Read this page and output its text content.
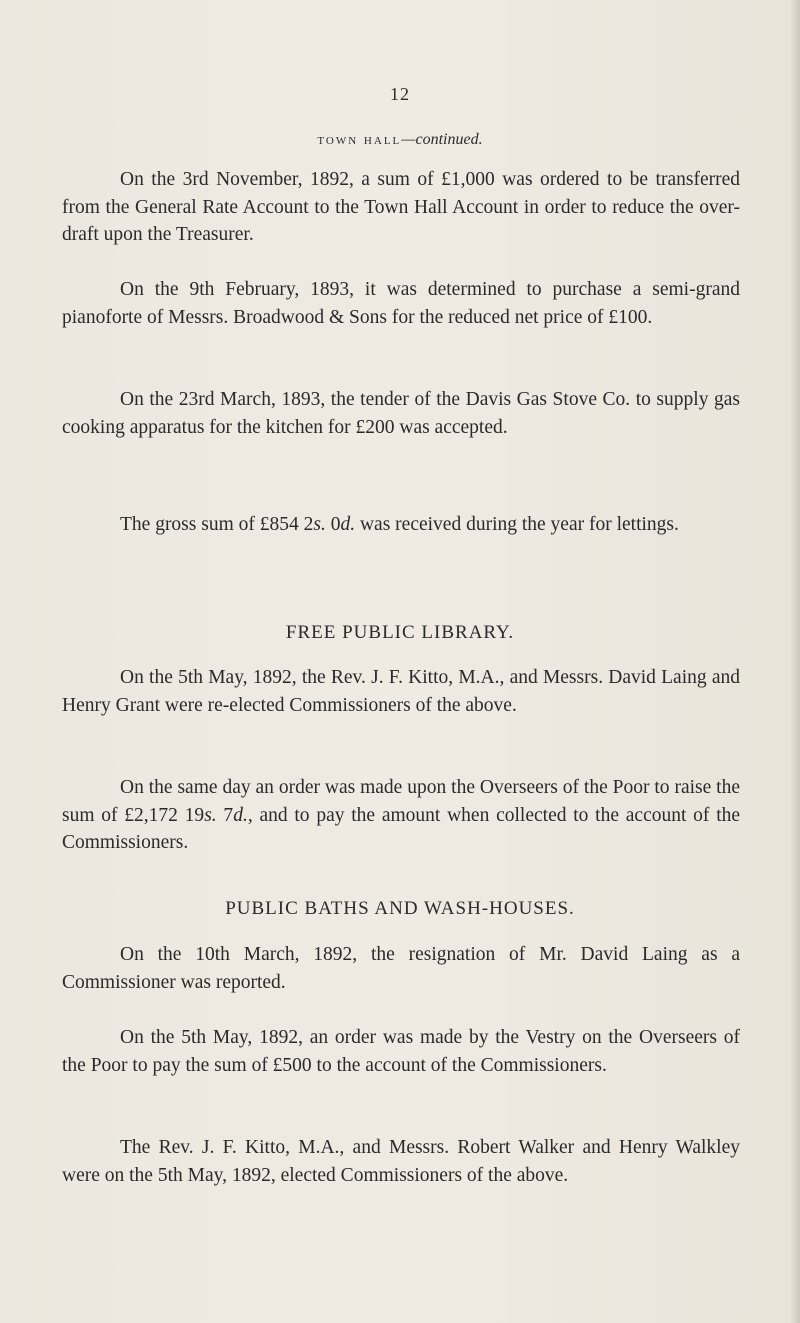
12
town hall—continued.

On the 3rd November, 1892, a sum of £1,000 was ordered to be transferred from the General Rate Account to the Town Hall Account in order to reduce the over-draft upon the Treasurer.

On the 9th February, 1893, it was determined to purchase a semi-grand pianoforte of Messrs. Broadwood & Sons for the reduced net price of £100.

On the 23rd March, 1893, the tender of the Davis Gas Stove Co. to supply gas cooking apparatus for the kitchen for £200 was accepted.

The gross sum of £854 2s. 0d. was received during the year for lettings.

FREE PUBLIC LIBRARY.

On the 5th May, 1892, the Rev. J. F. Kitto, M.A., and Messrs. David Laing and Henry Grant were re-elected Commissioners of the above.

On the same day an order was made upon the Overseers of the Poor to raise the sum of £2,172 19s. 7d., and to pay the amount when collected to the account of the Commissioners.

PUBLIC BATHS AND WASH-HOUSES.

On the 10th March, 1892, the resignation of Mr. David Laing as a Commissioner was reported.

On the 5th May, 1892, an order was made by the Vestry on the Overseers of the Poor to pay the sum of £500 to the account of the Commissioners.

The Rev. J. F. Kitto, M.A., and Messrs. Robert Walker and Henry Walkley were on the 5th May, 1892, elected Commissioners of the above.
